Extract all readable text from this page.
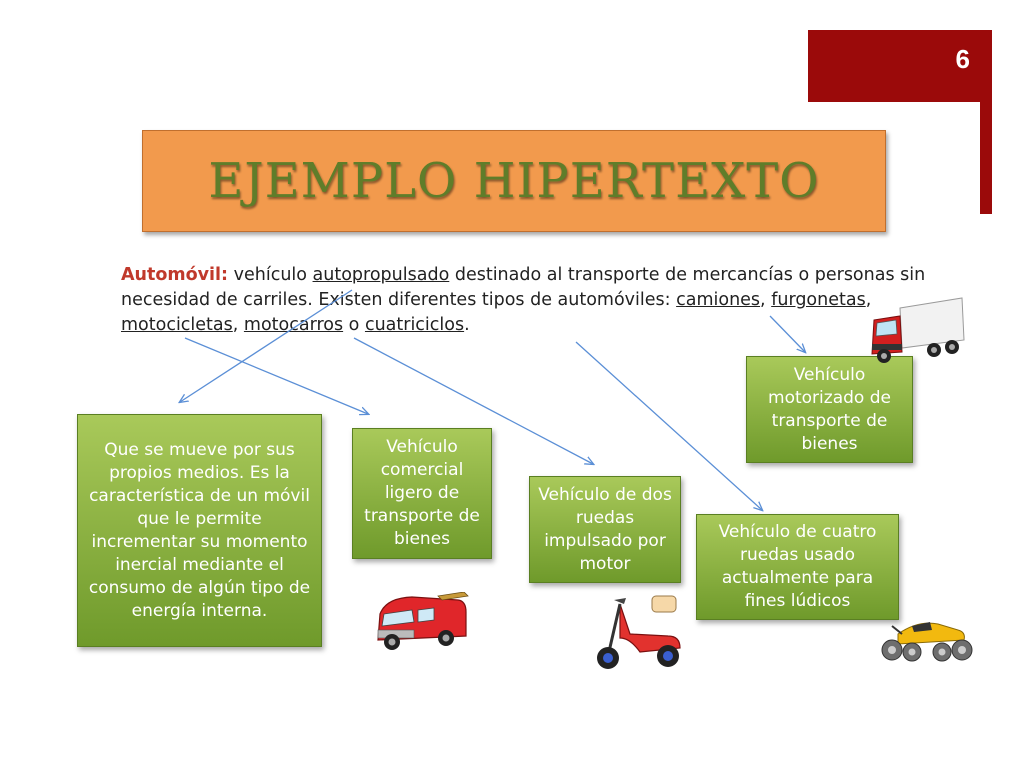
6
EJEMPLO HIPERTEXTO
Automóvil: vehículo autopropulsado destinado al transporte de mercancías o personas sin necesidad de carriles. Existen diferentes tipos de automóviles: camiones, furgonetas, motocicletas, motocarros o cuatriciclos.
Que se mueve por sus propios medios. Es la característica de un móvil que le permite incrementar su momento inercial mediante el consumo de algún tipo de energía interna.
Vehículo comercial ligero de transporte de bienes
Vehículo de dos ruedas impulsado por motor
Vehículo de cuatro ruedas usado actualmente para fines lúdicos
Vehículo motorizado de transporte de bienes
